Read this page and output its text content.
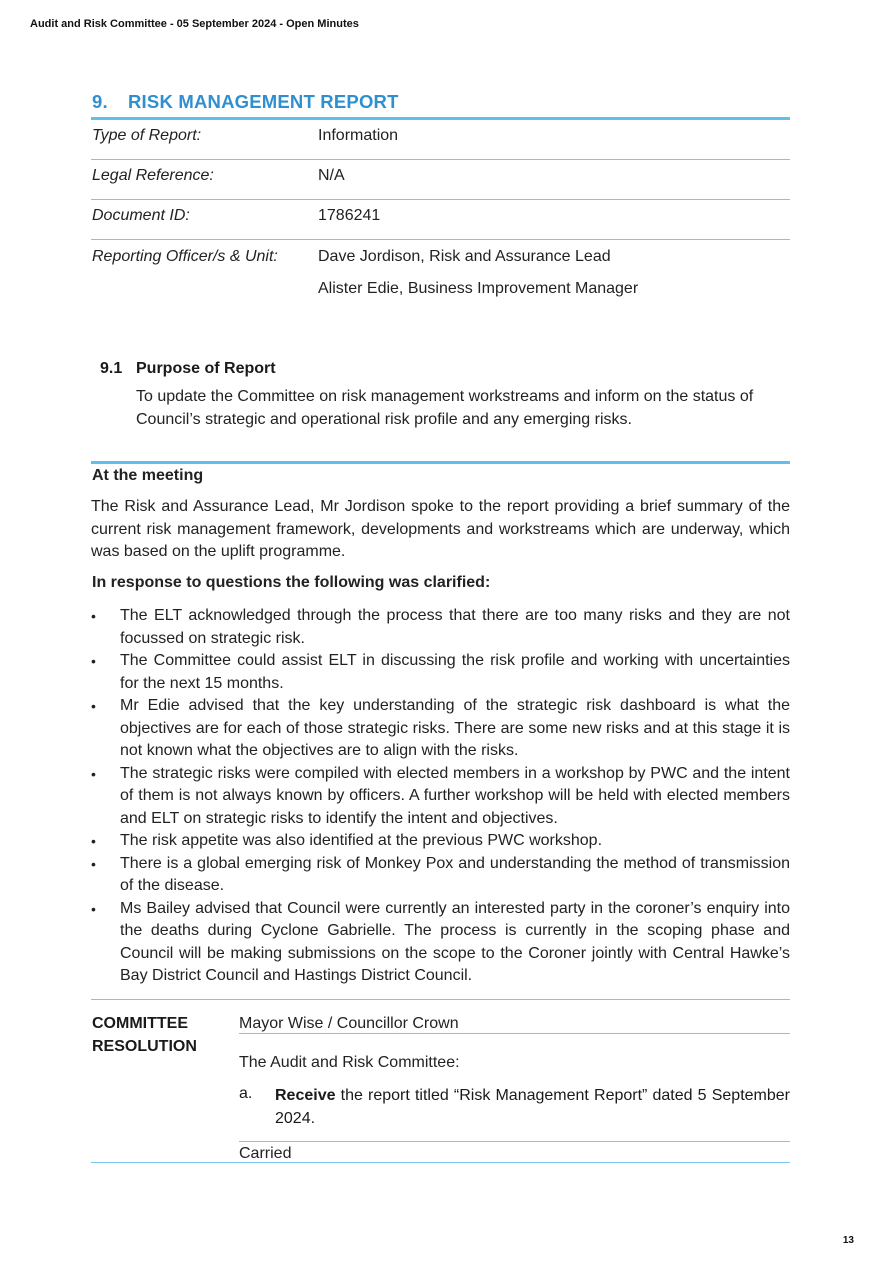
Audit and Risk Committee - 05 September 2024 - Open Minutes
9. RISK MANAGEMENT REPORT
Type of Report:	Information
Legal Reference:	N/A
Document ID:	1786241
Reporting Officer/s & Unit:	Dave Jordison, Risk and Assurance Lead
Alister Edie, Business Improvement Manager
9.1 Purpose of Report
To update the Committee on risk management workstreams and inform on the status of Council’s strategic and operational risk profile and any emerging risks.
At the meeting
The Risk and Assurance Lead, Mr Jordison spoke to the report providing a brief summary of the current risk management framework, developments and workstreams which are underway, which was based on the uplift programme.
In response to questions the following was clarified:
• The ELT acknowledged through the process that there are too many risks and they are not focussed on strategic risk.
• The Committee could assist ELT in discussing the risk profile and working with uncertainties for the next 15 months.
• Mr Edie advised that the key understanding of the strategic risk dashboard is what the objectives are for each of those strategic risks. There are some new risks and at this stage it is not known what the objectives are to align with the risks.
• The strategic risks were compiled with elected members in a workshop by PWC and the intent of them is not always known by officers. A further workshop will be held with elected members and ELT on strategic risks to identify the intent and objectives.
• The risk appetite was also identified at the previous PWC workshop.
• There is a global emerging risk of Monkey Pox and understanding the method of transmission of the disease.
• Ms Bailey advised that Council were currently an interested party in the coroner’s enquiry into the deaths during Cyclone Gabrielle. The process is currently in the scoping phase and Council will be making submissions on the scope to the Coroner jointly with Central Hawke’s Bay District Council and Hastings District Council.
COMMITTEE
RESOLUTION
Mayor Wise / Councillor Crown
The Audit and Risk Committee:
a. Receive the report titled “Risk Management Report” dated 5 September 2024.
Carried
13
